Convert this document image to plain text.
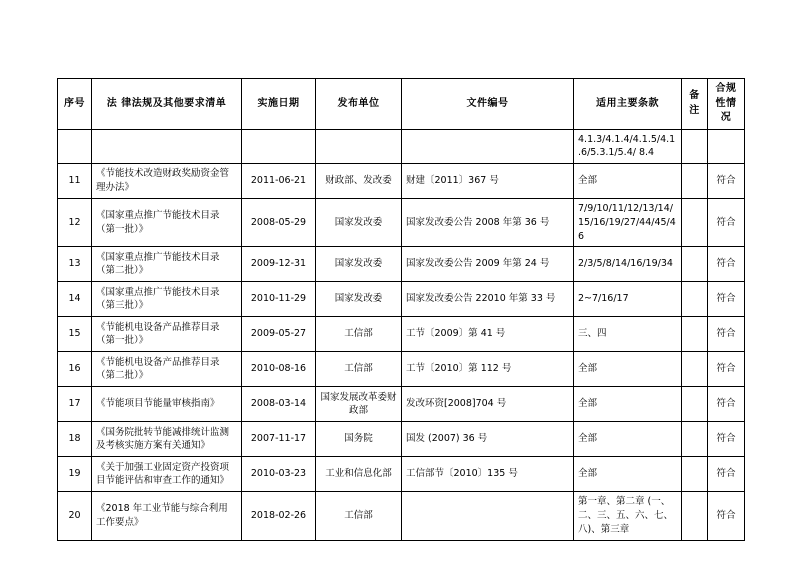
序号	法 律法规及其他要求清单	实施日期	发布单位	文件编号	适用主要条款	备注	合规性情况
					4.1.3/4.1.4/4.1.5/4.1.6/5.3.1/5.4/ 8.4		
11	《节能技术改造财政奖励资金管理办法》	2011-06-21	财政部、发改委	财建〔2011〕367 号	全部		符合
12	《国家重点推广节能技术目录（第一批）》	2008-05-29	国家发改委	国家发改委公告 2008 年第 36 号	7/9/10/11/12/13/14/15/16/19/27/44/45/46		符合
13	《国家重点推广节能技术目录（第二批）》	2009-12-31	国家发改委	国家发改委公告 2009 年第 24 号	2/3/5/8/14/16/19/34		符合
14	《国家重点推广节能技术目录（第三批）》	2010-11-29	国家发改委	国家发改委公告 22010 年第 33 号	2~7/16/17		符合
15	《节能机电设备产品推荐目录（第一批）》	2009-05-27	工信部	工节〔2009〕第 41 号	三、四		符合
16	《节能机电设备产品推荐目录（第二批）》	2010-08-16	工信部	工节〔2010〕第 112 号	全部		符合
17	《节能项目节能量审核指南》	2008-03-14	国家发展改革委财政部	发改环资[2008]704 号	全部		符合
18	《国务院批转节能减排统计监测及考核实施方案有关通知》	2007-11-17	国务院	国发 (2007) 36 号	全部		符合
19	《关于加强工业固定资产投资项目节能评估和审查工作的通知》	2010-03-23	工业和信息化部	工信部节〔2010〕135 号	全部		符合
20	《2018 年工业节能与综合利用工作要点》	2018-02-26	工信部		第一章、第二章 (一、二、三、五、六、七、八)、第三章		符合
